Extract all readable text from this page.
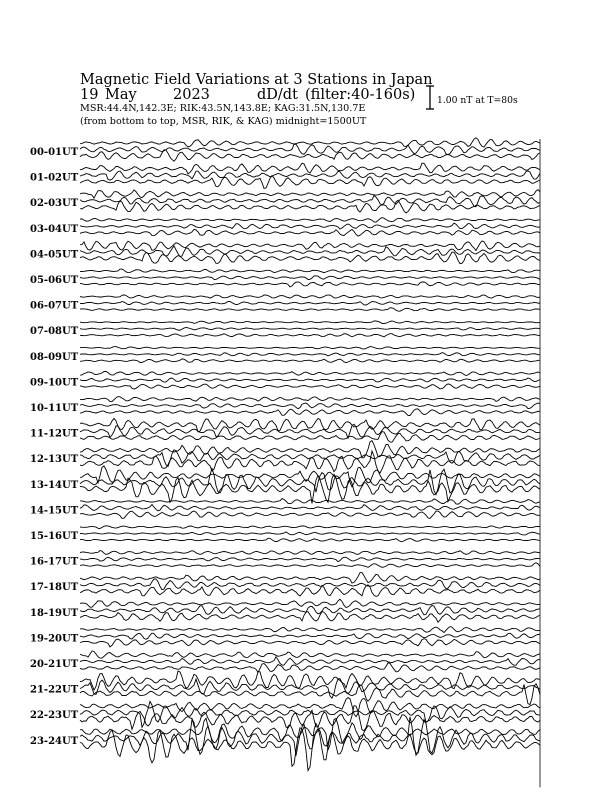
Magnetic Field Variations at 3 Stations in Japan
19 May	2023	dD/dt (filter:40-160s)
MSR:44.4N,142.3E; RIK:43.5N,143.8E; KAG:31.5N,130.7E
(from bottom to top, MSR, RIK, & KAG) midnight=1500UT
1.00 nT at T=80s
00-01UT
01-02UT
02-03UT
03-04UT
04-05UT
05-06UT
06-07UT
07-08UT
08-09UT
09-10UT
10-11UT
11-12UT
12-13UT
13-14UT
14-15UT
15-16UT
16-17UT
17-18UT
18-19UT
19-20UT
20-21UT
21-22UT
22-23UT
23-24UT
